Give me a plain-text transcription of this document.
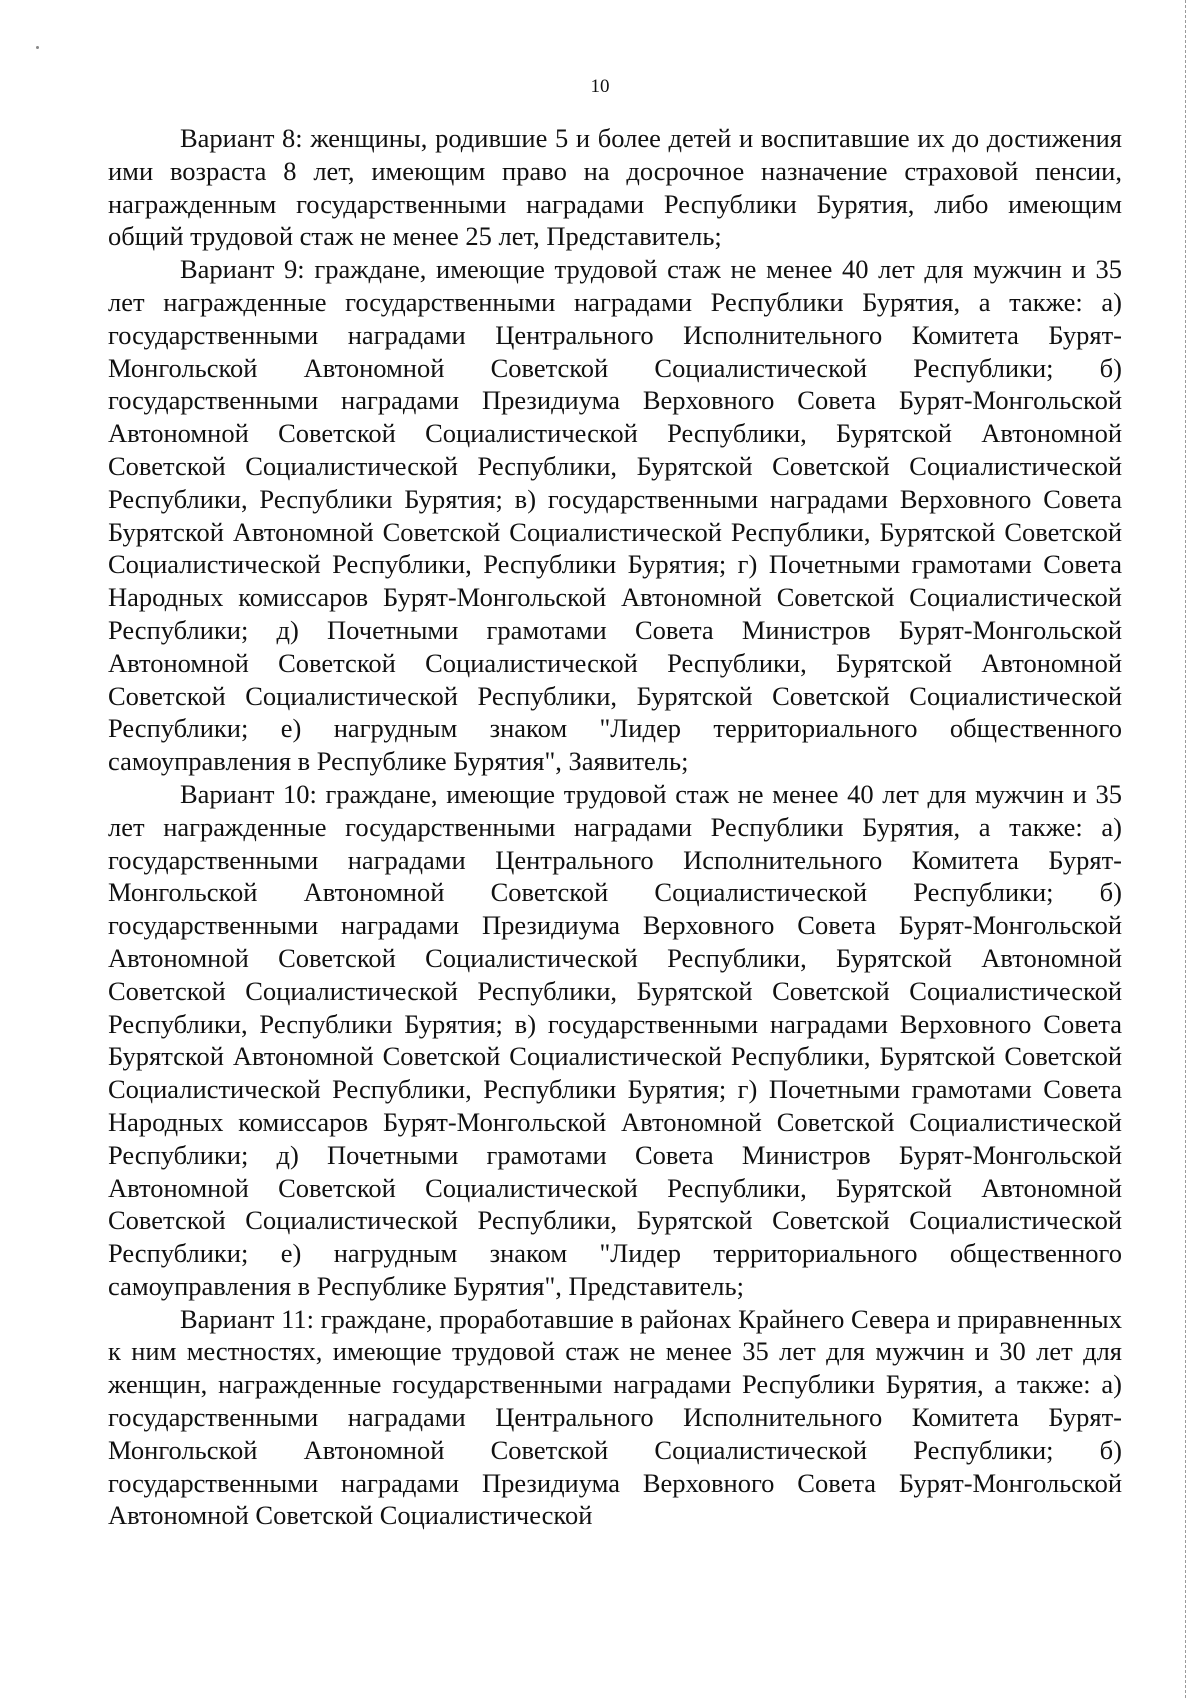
10

Вариант 8: женщины, родившие 5 и более детей и воспитавшие их до достижения ими возраста 8 лет, имеющим право на досрочное назначение страховой пенсии, награжденным государственными наградами Республики Бурятия, либо имеющим общий трудовой стаж не менее 25 лет, Представитель;

Вариант 9: граждане, имеющие трудовой стаж не менее 40 лет для мужчин и 35 лет награжденные государственными наградами Республики Бурятия, а также: а) государственными наградами Центрального Исполнительного Комитета Бурят-Монгольской Автономной Советской Социалистической Республики; б) государственными наградами Президиума Верховного Совета Бурят-Монгольской Автономной Советской Социалистической Республики, Бурятской Автономной Советской Социалистической Республики, Бурятской Советской Социалистической Республики, Республики Бурятия; в) государственными наградами Верховного Совета Бурятской Автономной Советской Социалистической Республики, Бурятской Советской Социалистической Республики, Республики Бурятия; г) Почетными грамотами Совета Народных комиссаров Бурят-Монгольской Автономной Советской Социалистической Республики; д) Почетными грамотами Совета Министров Бурят-Монгольской Автономной Советской Социалистической Республики, Бурятской Автономной Советской Социалистической Республики, Бурятской Советской Социалистической Республики; е) нагрудным знаком "Лидер территориального общественного самоуправления в Республике Бурятия", Заявитель;

Вариант 10: граждане, имеющие трудовой стаж не менее 40 лет для мужчин и 35 лет награжденные государственными наградами Республики Бурятия, а также: а) государственными наградами Центрального Исполнительного Комитета Бурят-Монгольской Автономной Советской Социалистической Республики; б) государственными наградами Президиума Верховного Совета Бурят-Монгольской Автономной Советской Социалистической Республики, Бурятской Автономной Советской Социалистической Республики, Бурятской Советской Социалистической Республики, Республики Бурятия; в) государственными наградами Верховного Совета Бурятской Автономной Советской Социалистической Республики, Бурятской Советской Социалистической Республики, Республики Бурятия; г) Почетными грамотами Совета Народных комиссаров Бурят-Монгольской Автономной Советской Социалистической Республики; д) Почетными грамотами Совета Министров Бурят-Монгольской Автономной Советской Социалистической Республики, Бурятской Автономной Советской Социалистической Республики, Бурятской Советской Социалистической Республики; е) нагрудным знаком "Лидер территориального общественного самоуправления в Республике Бурятия", Представитель;

Вариант 11: граждане, проработавшие в районах Крайнего Севера и приравненных к ним местностях, имеющие трудовой стаж не менее 35 лет для мужчин и 30 лет для женщин, награжденные государственными наградами Республики Бурятия, а также: а) государственными наградами Центрального Исполнительного Комитета Бурят-Монгольской Автономной Советской Социалистической Республики; б) государственными наградами Президиума Верховного Совета Бурят-Монгольской Автономной Советской Социалистической
